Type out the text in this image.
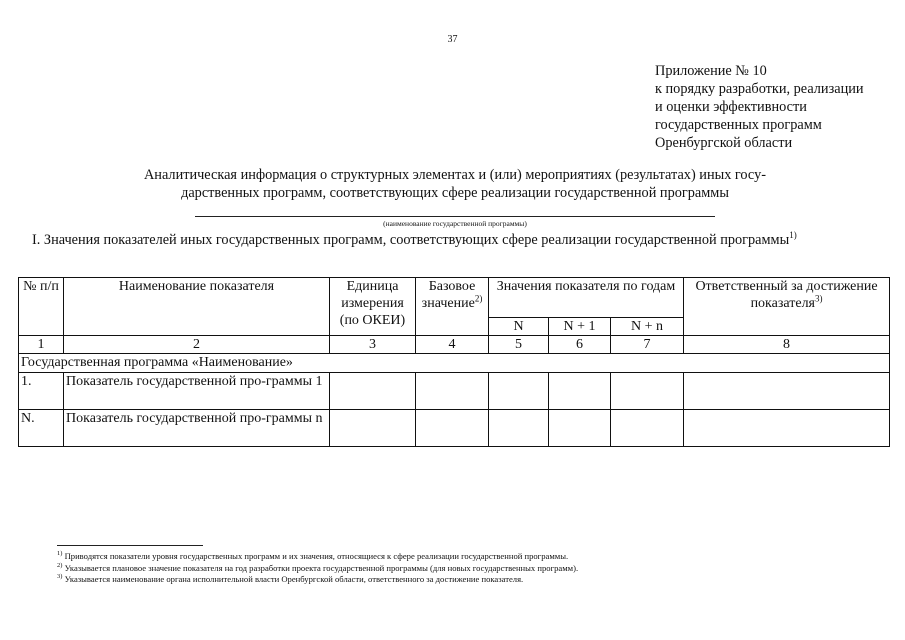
37
Приложение № 10
к порядку разработки, реализации
и оценки эффективности
государственных программ
Оренбургской области
Аналитическая информация о структурных элементах и (или) мероприятиях (результатах) иных госу-
дарственных программ, соответствующих сфере реализации государственной программы
(наименование государственной программы)
I. Значения показателей иных государственных программ, соответствующих сфере реализации государственной программы$^{1)}$
№ п/п	Наименование показателя	Единица измерения (по ОКЕИ)	Базовое значение$^{2)}$	Значения показателя по годам			Ответственный за достижение показателя$^{3)}$
				N	N + 1	N + n	
1	2	3	4	5	6	7	8
Государственная программа «Наименование»							
1.	Показатель государственной про-граммы 1						
N.	Показатель государственной про-граммы n						
$^{1)}$ Приводятся показатели уровня государственных программ и их значения, относящиеся к сфере реализации государственной программы.
$^{2)}$ Указывается плановое значение показателя на год разработки проекта государственной программы (для новых государственных программ).
$^{3)}$ Указывается наименование органа исполнительной власти Оренбургской области, ответственного за достижение показателя.
